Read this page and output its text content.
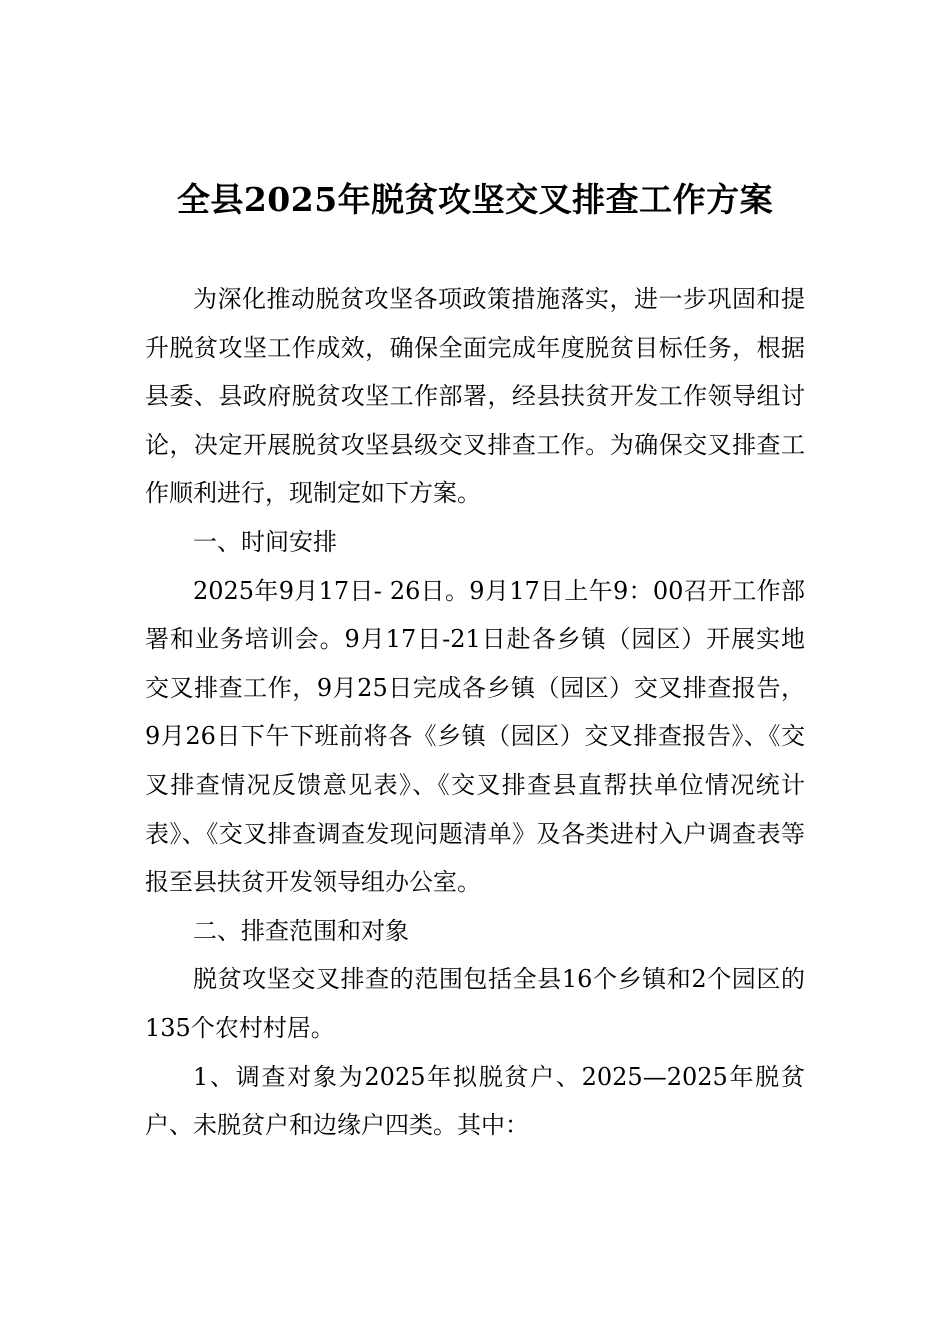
全县2025年脱贫攻坚交叉排查工作方案

为深化推动脱贫攻坚各项政策措施落实，进一步巩固和提升脱贫攻坚工作成效，确保全面完成年度脱贫目标任务，根据县委、县政府脱贫攻坚工作部署，经县扶贫开发工作领导组讨论，决定开展脱贫攻坚县级交叉排查工作。为确保交叉排查工作顺利进行，现制定如下方案。

一、时间安排

2025年9月17日- 26日。9月17日上午9：00召开工作部署和业务培训会。9月17日-21日赴各乡镇（园区）开展实地交叉排查工作，9月25日完成各乡镇（园区）交叉排查报告，9月26日下午下班前将各《乡镇（园区）交叉排查报告》、《交叉排查情况反馈意见表》、《交叉排查县直帮扶单位情况统计表》、《交叉排查调查发现问题清单》及各类进村入户调查表等报至县扶贫开发领导组办公室。

二、排查范围和对象

脱贫攻坚交叉排查的范围包括全县16个乡镇和2个园区的135个农村村居。

1、调查对象为2025年拟脱贫户、2025—2025年脱贫户、未脱贫户和边缘户四类。其中：
